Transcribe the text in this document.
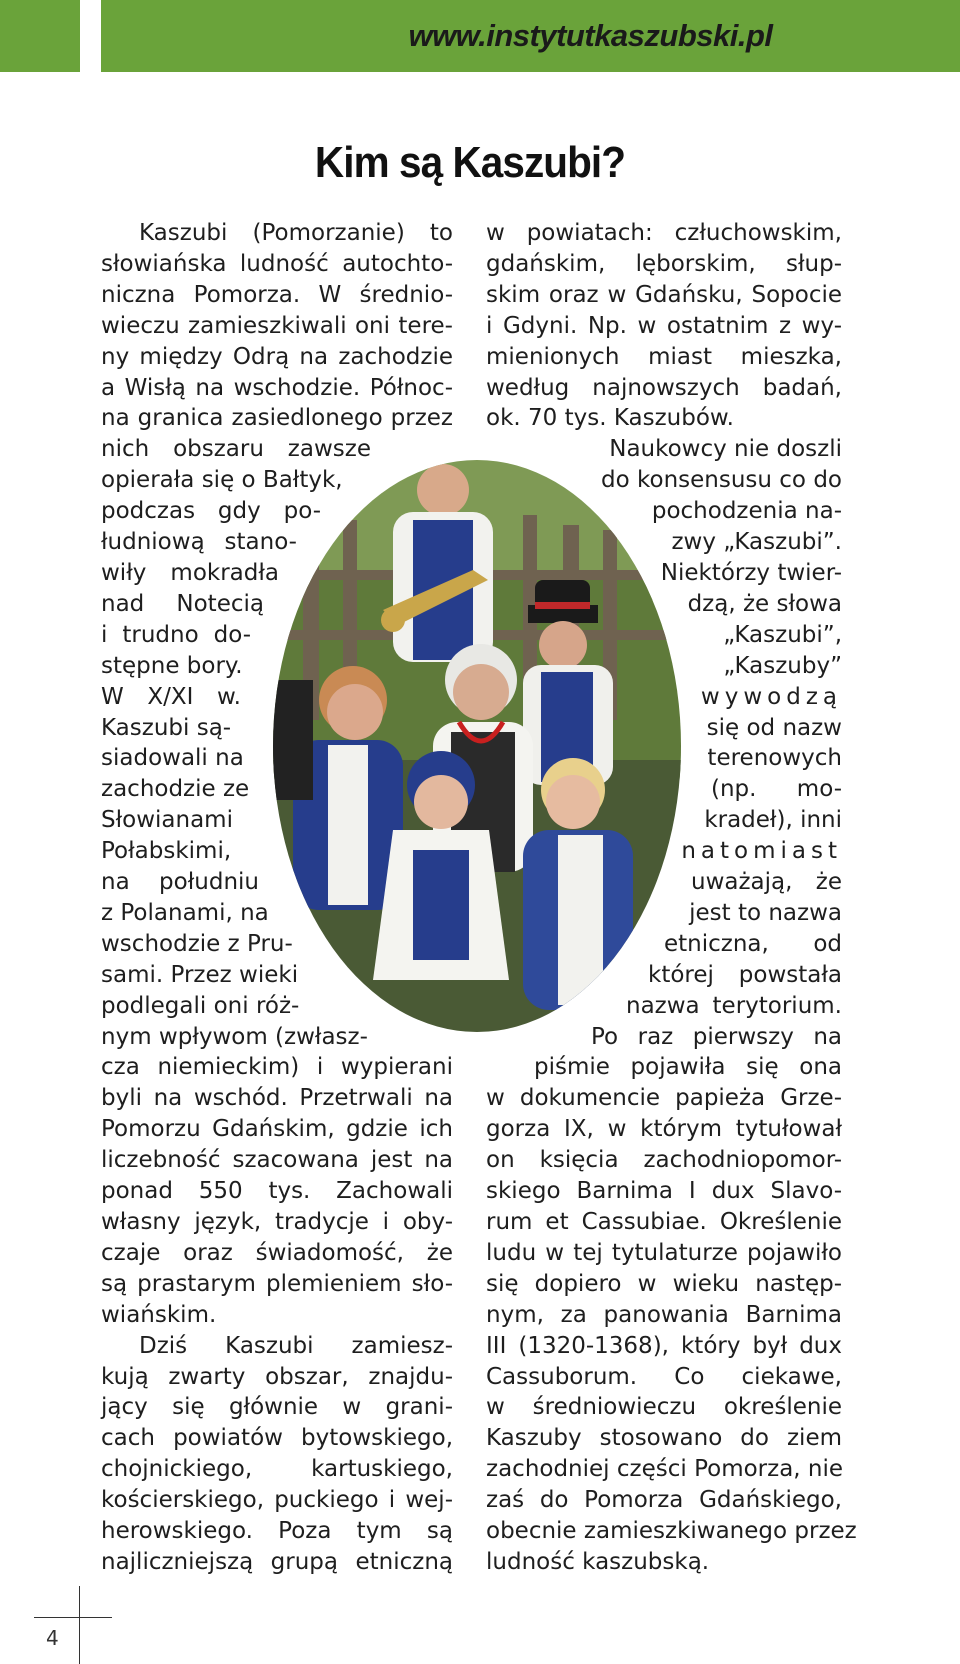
www.instytutkaszubski.pl
Kim są Kaszubi?

Kaszubi (Pomorzanie) to

słowiańska ludność autochto-

niczna Pomorza. W średnio-

wieczu zamieszkiwali oni tere-

ny między Odrą na zachodzie

a Wisłą na wschodzie. Północ-

na granica zasiedlonego przez

nich obszaru zawsze

opierała się o Bałtyk,

podczas gdy po-

łudniową stano-

wiły mokradła

nad Notecią

i trudno do-

stępne bory.

W X/XI w.

Kaszubi są-

siadowali na

zachodzie ze

Słowianami

Połabskimi,

na południu

z Polanami, na

wschodzie z Pru-

sami. Przez wieki

podlegali oni róż-

nym wpływom (zwłasz-

cza niemieckim) i wypierani

byli na wschód. Przetrwali na

Pomorzu Gdańskim, gdzie ich

liczebność szacowana jest na

ponad 550 tys. Zachowali

własny język, tradycje i oby-

czaje oraz świadomość, że

są prastarym plemieniem sło-

wiańskim.

Dziś Kaszubi zamiesz-

kują zwarty obszar, znajdu-

jący się głównie w grani-

cach powiatów bytowskiego,

chojnickiego, kartuskiego,

kościerskiego, puckiego i wej-

herowskiego. Poza tym są

najliczniejszą grupą etniczną

w powiatach: człuchowskim,

gdańskim, lęborskim, słup-

skim oraz w Gdańsku, Sopocie

i Gdyni. Np. w ostatnim z wy-

mienionych miast mieszka,

według najnowszych badań,

ok. 70 tys. Kaszubów.

Naukowcy nie doszli

do konsensusu co do

pochodzenia na-

zwy „Kaszubi”.

Niektórzy twier-

dzą, że słowa

„Kaszubi”,

„Kaszuby”

wywodzą

się od nazw

terenowych

(np. mo-

kradeł), inni

natomiast

uważają, że

jest to nazwa

etniczna, od

której powstała

nazwa terytorium.

Po raz pierwszy na

piśmie pojawiła się ona

w dokumencie papieża Grze-

gorza IX, w którym tytułował

on księcia zachodniopomor-

skiego Barnima I dux Slavo-

rum et Cassubiae. Określenie

ludu w tej tytulaturze pojawiło

się dopiero w wieku następ-

nym, za panowania Barnima

III (1320-1368), który był dux

Cassuborum. Co ciekawe,

w średniowieczu określenie

Kaszuby stosowano do ziem

zachodniej części Pomorza, nie

zaś do Pomorza Gdańskiego,

obecnie zamieszkiwanego przez

ludność kaszubską.

4
